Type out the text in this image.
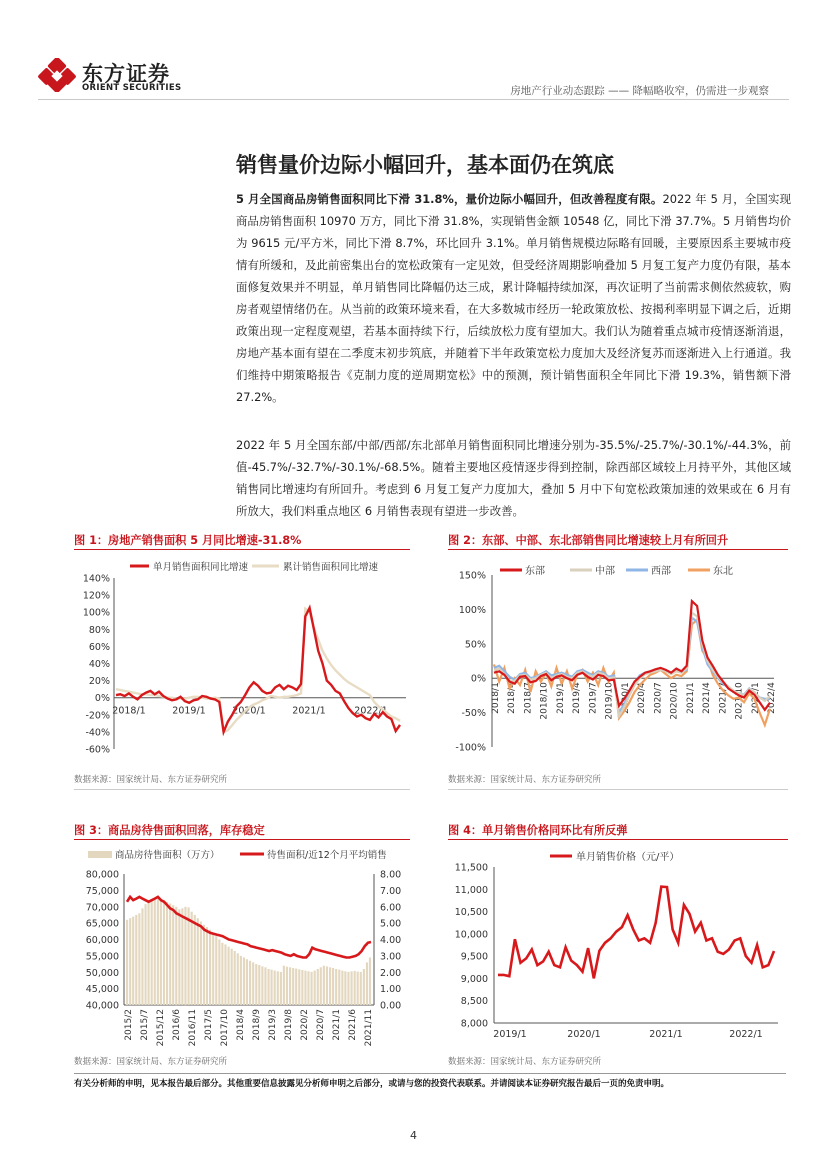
东方证券
ORIENT SECURITIES	房地产行业动态跟踪 —— 降幅略收窄，仍需进一步观察
销售量价边际小幅回升，基本面仍在筑底
5 月全国商品房销售面积同比下滑 31.8%，量价边际小幅回升，但改善程度有限。2022 年 5 月，全国实现商品房销售面积 10970 万方，同比下滑 31.8%，实现销售金额 10548 亿，同比下滑 37.7%。5 月销售均价为 9615 元/平方米，同比下滑 8.7%，环比回升 3.1%。单月销售规模边际略有回暖，主要原因系主要城市疫情有所缓和，及此前密集出台的宽松政策有一定见效，但受经济周期影响叠加 5 月复工复产力度仍有限，基本面修复效果并不明显，单月销售同比降幅仍达三成，累计降幅持续加深，再次证明了当前需求侧依然疲软，购房者观望情绪仍在。从当前的政策环境来看，在大多数城市经历一轮政策放松、按揭利率明显下调之后，近期政策出现一定程度观望，若基本面持续下行，后续放松力度有望加大。我们认为随着重点城市疫情逐渐消退，房地产基本面有望在二季度末初步筑底，并随着下半年政策宽松力度加大及经济复苏而逐渐进入上行通道。我们维持中期策略报告《克制力度的逆周期宽松》中的预测，预计销售面积全年同比下滑 19.3%，销售额下滑 27.2%。
2022 年 5 月全国东部/中部/西部/东北部单月销售面积同比增速分别为-35.5%/-25.7%/-30.1%/-44.3%，前值-45.7%/-32.7%/-30.1%/-68.5%。随着主要地区疫情逐步得到控制，除西部区域较上月持平外，其他区域销售同比增速均有所回升。考虑到 6 月复工复产力度加大，叠加 5 月中下旬宽松政策加速的效果或在 6 月有所放大，我们料重点地区 6 月销售表现有望进一步改善。
图 1：房地产销售面积 5 月同比增速-31.8%
单月销售面积同比增速	累计销售面积同比增速
140%
120%
100%
80%
60%
40%
20%
0%
-20%
-40%
-60%
2018/1	2019/1	2020/1	2021/1	2022/1
数据来源：国家统计局、东方证券研究所
图 2：东部、中部、东北部销售同比增速较上月有所回升
东部	中部	西部	东北
150%
100%
50%
0%
-50%
-100%
2018/1 2018/4 2018/7 2018/10 2019/1 2019/4 2019/7 2019/10 2020/1 2020/4 2020/7 2020/10 2021/1 2021/4 2021/7 2021/10 2022/1 2022/4
数据来源：国家统计局、东方证券研究所
图 3：商品房待售面积回落，库存稳定
商品房待售面积（万方）	待售面积/近12个月平均销售
80,000
75,000
70,000
65,000
60,000
55,000
50,000
45,000
40,000
8.00
7.00
6.00
5.00
4.00
3.00
2.00
1.00
0.00
2015/2 2015/7 2015/12 2016/6 2016/11 2017/5 2017/10 2018/4 2018/9 2019/3 2019/8 2020/2 2020/7 2021/1 2021/6 2021/11
数据来源：国家统计局、东方证券研究所
图 4：单月销售价格同环比有所反弹
单月销售价格（元/平）
11,500
11,000
10,500
10,000
9,500
9,000
8,500
8,000
2019/1	2020/1	2021/1	2022/1
数据来源：国家统计局、东方证券研究所
有关分析师的申明，见本报告最后部分。其他重要信息披露见分析师申明之后部分，或请与您的投资代表联系。并请阅读本证券研究报告最后一页的免责申明。
4
